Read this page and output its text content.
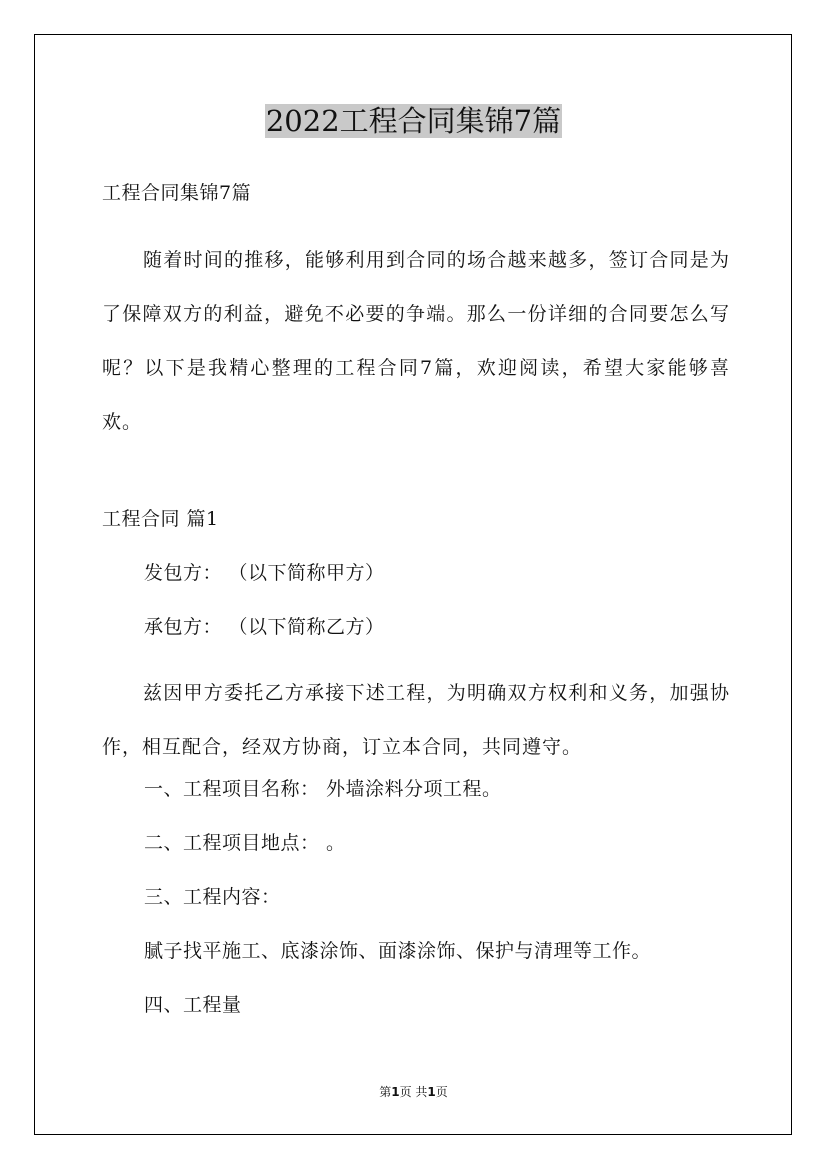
2022工程合同集锦7篇
工程合同集锦7篇
随着时间的推移，能够利用到合同的场合越来越多，签订合同是为了保障双方的利益，避免不必要的争端。那么一份详细的合同要怎么写呢？以下是我精心整理的工程合同7篇，欢迎阅读，希望大家能够喜欢。
工程合同 篇1
发包方： （以下简称甲方）
承包方： （以下简称乙方）
兹因甲方委托乙方承接下述工程，为明确双方权利和义务，加强协作，相互配合，经双方协商，订立本合同，共同遵守。
一、工程项目名称： 外墙涂料分项工程。
二、工程项目地点： 。
三、工程内容：
腻子找平施工、底漆涂饰、面漆涂饰、保护与清理等工作。
四、工程量
第1页 共1页
